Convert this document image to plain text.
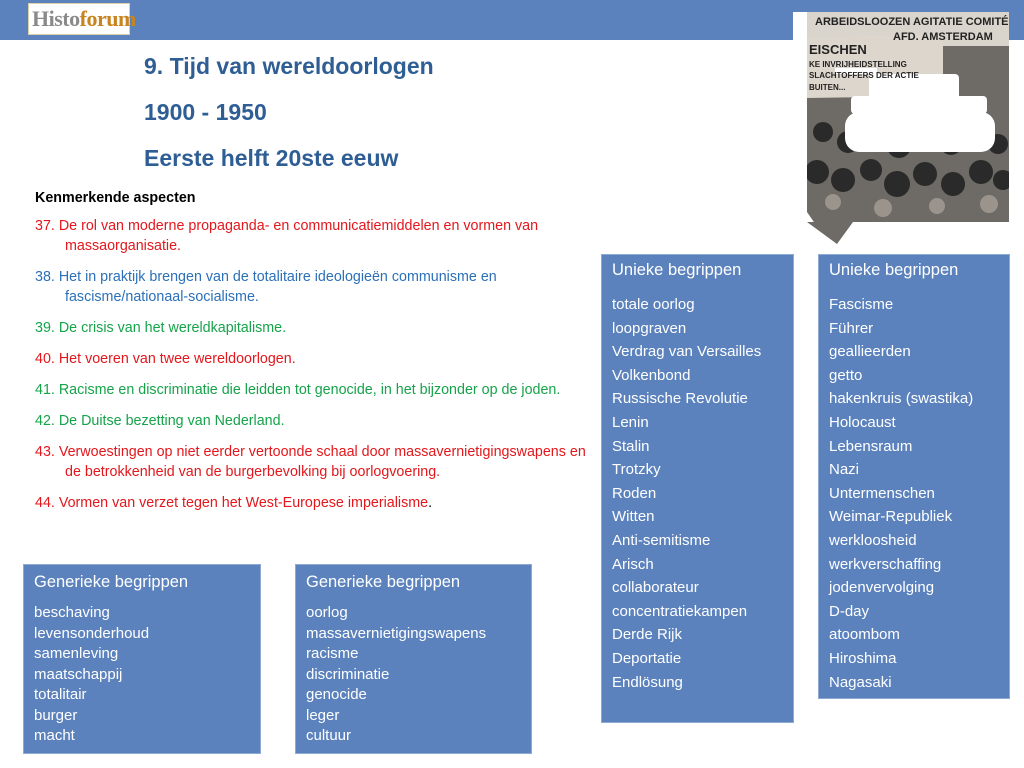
Histoforum
9. Tijd van wereldoorlogen
1900 - 1950
Eerste helft 20ste eeuw
ARBEIDSLOOZEN AGITATIE COMITÉ
AFD. AMSTERDAM
EISCHEN
KE INVRIJHEIDSTELLING
SLACHTOFFERS DER ACTIE
BUITEN...
Kenmerkende aspecten
37. De rol van moderne propaganda- en communicatiemiddelen en vormen van massaorganisatie.
38. Het in praktijk brengen van de totalitaire ideologieën communisme en fascisme/nationaal-socialisme.
39. De crisis van het wereldkapitalisme.
40. Het voeren van twee wereldoorlogen.
41. Racisme en discriminatie die leidden tot genocide, in het bijzonder op de joden.
42. De Duitse bezetting van Nederland.
43. Verwoestingen op niet eerder vertoonde schaal door massavernietigingswapens en de betrokkenheid van de burgerbevolking bij oorlogvoering.
44. Vormen van verzet tegen het West-Europese imperialisme.
Unieke begrippen
totale oorlog
loopgraven
Verdrag van Versailles
Volkenbond
Russische Revolutie
Lenin
Stalin
Trotzky
Roden
Witten
Anti-semitisme
Arisch
collaborateur
concentratiekampen
Derde Rijk
Deportatie
Endlösung
Unieke begrippen
Fascisme
Führer
geallieerden
getto
hakenkruis (swastika)
Holocaust
Lebensraum
Nazi
Untermenschen
Weimar-Republiek
werkloosheid
werkverschaffing
jodenvervolging
D-day
atoombom
Hiroshima
Nagasaki
Generieke begrippen
beschaving
levensonderhoud
samenleving
maatschappij
totalitair
burger
macht
Generieke begrippen
oorlog
massavernietigingswapens
racisme
discriminatie
genocide
leger
cultuur
